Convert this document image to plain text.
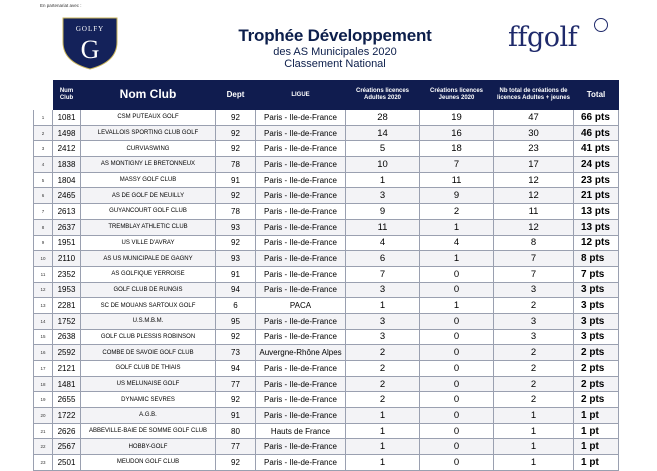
En partenariat avec :
GOLFY
G	Trophée Développement
des AS Municipales 2020
Classement National
ffgolf
	Num Club	Nom Club	Dept	LIGUE	Créations licences Adultes 2020	Créations licences Jeunes 2020	Nb total de créations de licences Adultes + jeunes	Total
1	1081	CSM PUTEAUX GOLF	92	Paris - Ile-de-France	28	19	47	66 pts
2	1498	LEVALLOIS SPORTING CLUB GOLF	92	Paris - Ile-de-France	14	16	30	46 pts
3	2412	CURVIASWING	92	Paris - Ile-de-France	5	18	23	41 pts
4	1838	AS MONTIGNY LE BRETONNEUX	78	Paris - Ile-de-France	10	7	17	24 pts
5	1804	MASSY GOLF CLUB	91	Paris - Ile-de-France	1	11	12	23 pts
6	2465	AS DE GOLF DE NEUILLY	92	Paris - Ile-de-France	3	9	12	21 pts
7	2613	GUYANCOURT GOLF CLUB	78	Paris - Ile-de-France	9	2	11	13 pts
8	2637	TREMBLAY ATHLETIC CLUB	93	Paris - Ile-de-France	11	1	12	13 pts
9	1951	US VILLE D'AVRAY	92	Paris - Ile-de-France	4	4	8	12 pts
10	2110	AS US MUNICIPALE DE GAGNY	93	Paris - Ile-de-France	6	1	7	8 pts
11	2352	AS GOLFIQUE YERROISE	91	Paris - Ile-de-France	7	0	7	7 pts
12	1953	GOLF CLUB DE RUNGIS	94	Paris - Ile-de-France	3	0	3	3 pts
13	2281	SC DE MOUANS SARTOUX GOLF	6	PACA	1	1	2	3 pts
14	1752	U.S.M.B.M.	95	Paris - Ile-de-France	3	0	3	3 pts
15	2638	GOLF CLUB PLESSIS ROBINSON	92	Paris - Ile-de-France	3	0	3	3 pts
16	2592	COMBE DE SAVOIE GOLF CLUB	73	Auvergne-Rhône Alpes	2	0	2	2 pts
17	2121	GOLF CLUB DE THIAIS	94	Paris - Ile-de-France	2	0	2	2 pts
18	1481	US MELUNAISE GOLF	77	Paris - Ile-de-France	2	0	2	2 pts
19	2655	DYNAMIC SEVRES	92	Paris - Ile-de-France	2	0	2	2 pts
20	1722	A.G.B.	91	Paris - Ile-de-France	1	0	1	1 pt
21	2626	ABBEVILLE-BAIE DE SOMME GOLF CLUB	80	Hauts de France	1	0	1	1 pt
22	2567	HOBBY-GOLF	77	Paris - Ile-de-France	1	0	1	1 pt
23	2501	MEUDON GOLF CLUB	92	Paris - Ile-de-France	1	0	1	1 pt
